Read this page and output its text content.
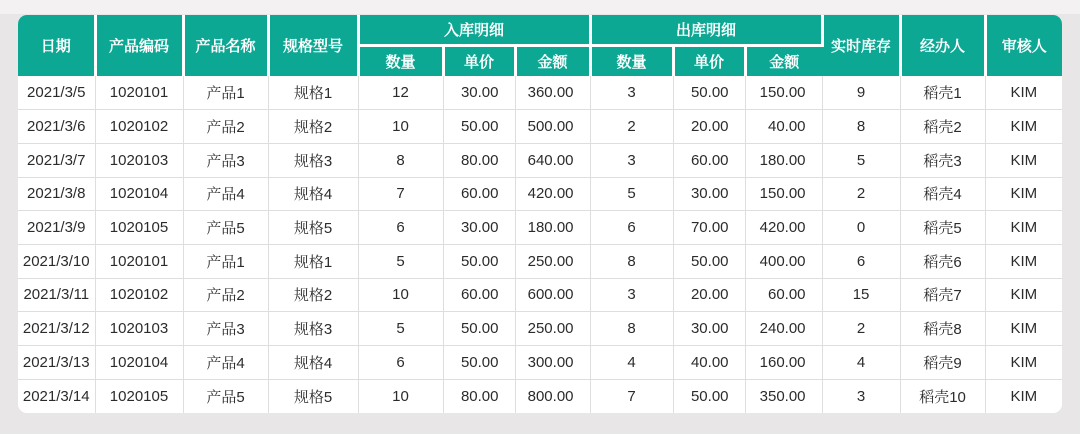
日期	产品编码	产品名称	规格型号	入库明细			出库明细			实时库存	经办人	审核人
				数量	单价	金额	数量	单价	金额			
2021/3/5	1020101	产品1	规格1	12	30.00	360.00	3	50.00	150.00	9	稻壳1	KIM
2021/3/6	1020102	产品2	规格2	10	50.00	500.00	2	20.00	40.00	8	稻壳2	KIM
2021/3/7	1020103	产品3	规格3	8	80.00	640.00	3	60.00	180.00	5	稻壳3	KIM
2021/3/8	1020104	产品4	规格4	7	60.00	420.00	5	30.00	150.00	2	稻壳4	KIM
2021/3/9	1020105	产品5	规格5	6	30.00	180.00	6	70.00	420.00	0	稻壳5	KIM
2021/3/10	1020101	产品1	规格1	5	50.00	250.00	8	50.00	400.00	6	稻壳6	KIM
2021/3/11	1020102	产品2	规格2	10	60.00	600.00	3	20.00	60.00	15	稻壳7	KIM
2021/3/12	1020103	产品3	规格3	5	50.00	250.00	8	30.00	240.00	2	稻壳8	KIM
2021/3/13	1020104	产品4	规格4	6	50.00	300.00	4	40.00	160.00	4	稻壳9	KIM
2021/3/14	1020105	产品5	规格5	10	80.00	800.00	7	50.00	350.00	3	稻壳10	KIM
